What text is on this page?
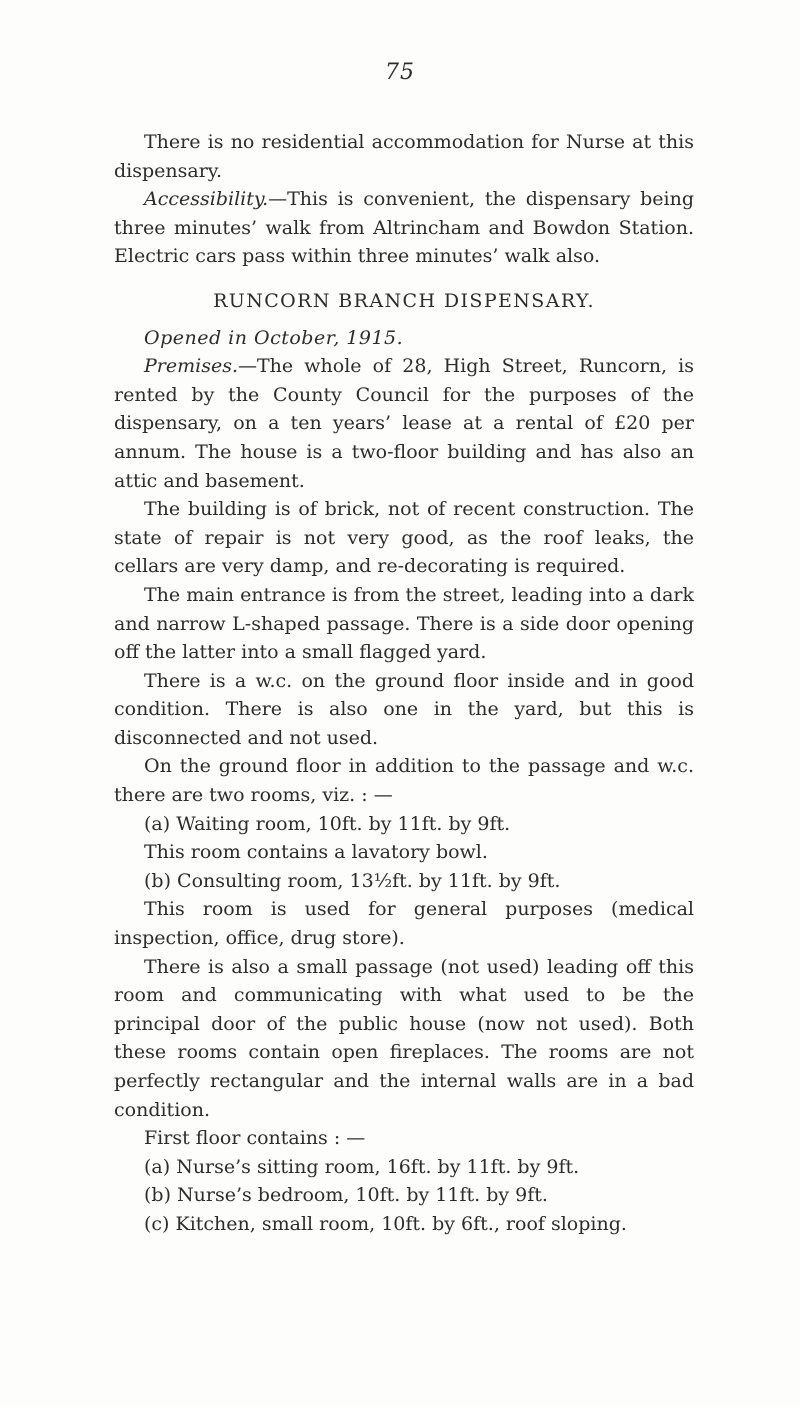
75

There is no residential accommodation for Nurse at this dispensary.

Accessibility.—This is convenient, the dispensary being three minutes’ walk from Altrincham and Bowdon Station. Electric cars pass within three minutes’ walk also.

RUNCORN BRANCH DISPENSARY.

Opened in October, 1915.

Premises.—The whole of 28, High Street, Runcorn, is rented by the County Council for the purposes of the dispensary, on a ten years’ lease at a rental of £20 per annum. The house is a two-floor building and has also an attic and basement.

The building is of brick, not of recent construction. The state of repair is not very good, as the roof leaks, the cellars are very damp, and re-decorating is required.

The main entrance is from the street, leading into a dark and narrow L-shaped passage. There is a side door opening off the latter into a small flagged yard.

There is a w.c. on the ground floor inside and in good condition. There is also one in the yard, but this is disconnected and not used.

On the ground floor in addition to the passage and w.c. there are two rooms, viz. : —

(a) Waiting room, 10ft. by 11ft. by 9ft.

This room contains a lavatory bowl.

(b) Consulting room, 13½ft. by 11ft. by 9ft.

This room is used for general purposes (medical inspection, office, drug store).

There is also a small passage (not used) leading off this room and communicating with what used to be the principal door of the public house (now not used). Both these rooms contain open fireplaces. The rooms are not perfectly rectangular and the internal walls are in a bad condition.

First floor contains : —

(a) Nurse’s sitting room, 16ft. by 11ft. by 9ft.

(b) Nurse’s bedroom, 10ft. by 11ft. by 9ft.

(c) Kitchen, small room, 10ft. by 6ft., roof sloping.
